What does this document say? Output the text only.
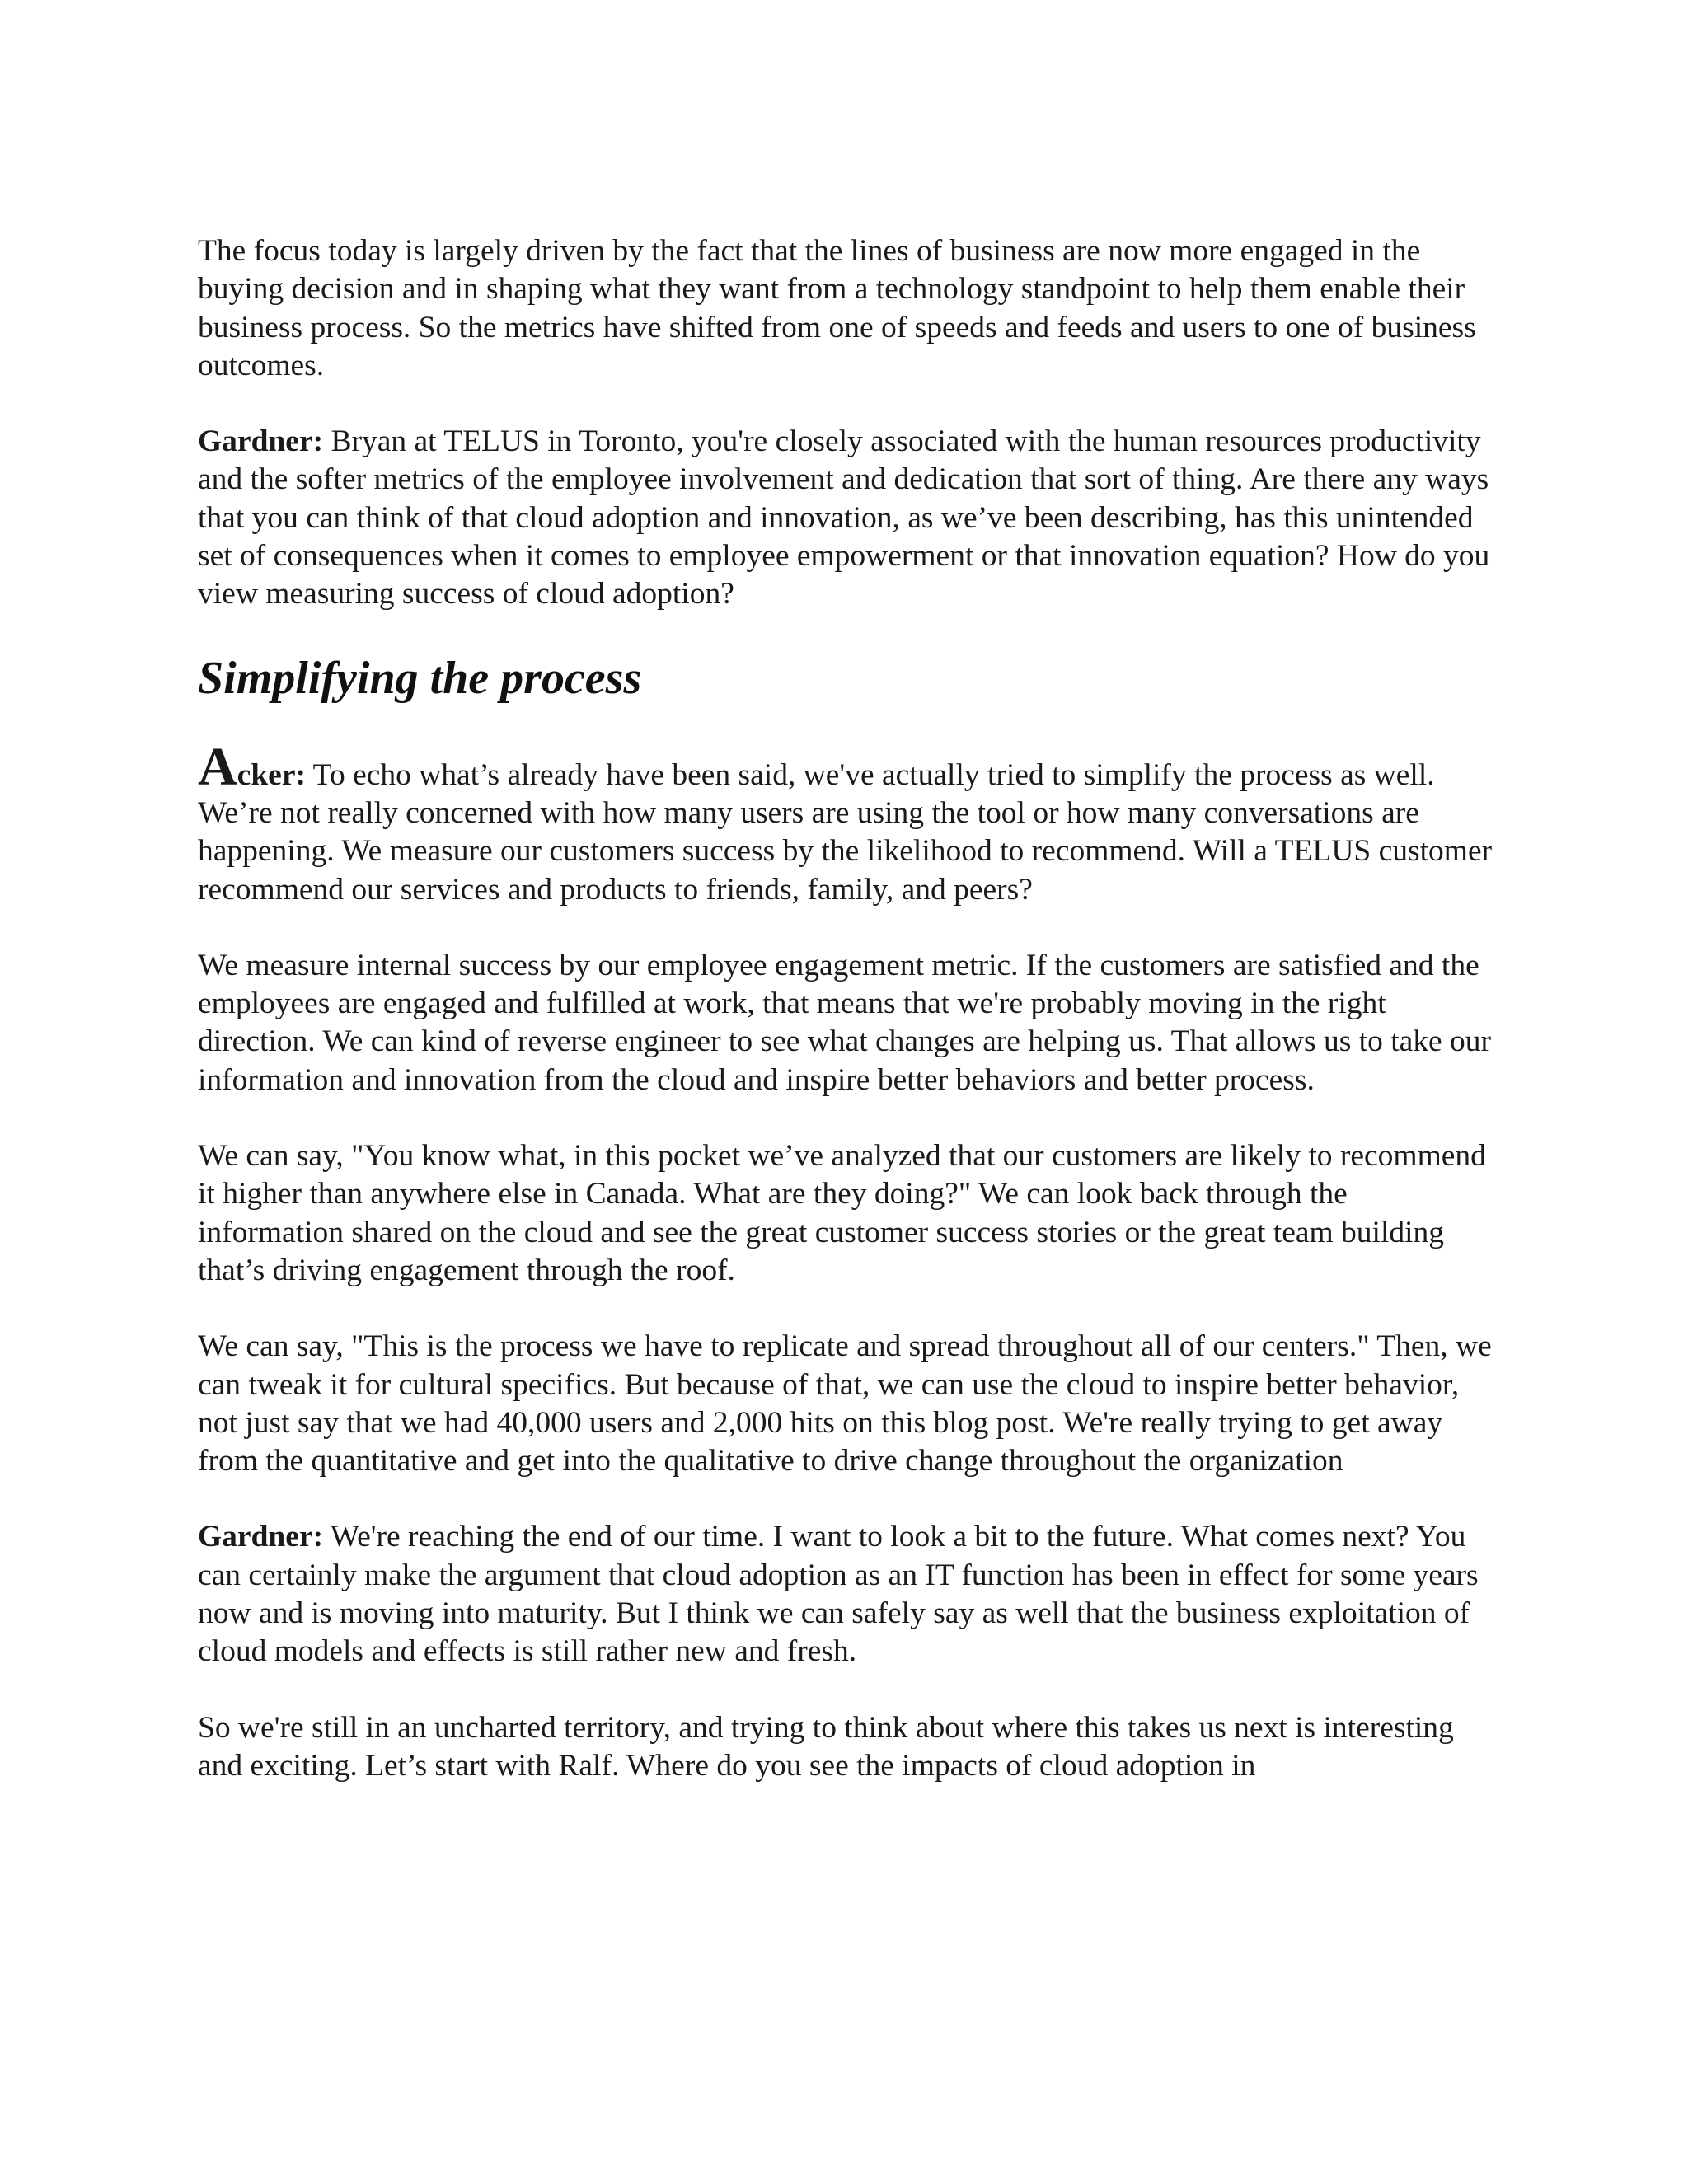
The focus today is largely driven by the fact that the lines of business are now more engaged in the buying decision and in shaping what they want from a technology standpoint to help them enable their business process. So the metrics have shifted from one of speeds and feeds and users to one of business outcomes.

Gardner: Bryan at TELUS in Toronto, you're closely associated with the human resources productivity and the softer metrics of the employee involvement and dedication that sort of thing. Are there any ways that you can think of that cloud adoption and innovation, as we’ve been describing, has this unintended set of consequences when it comes to employee empowerment or that innovation equation? How do you view measuring success of cloud adoption?

Simplifying the process

Acker: To echo what’s already have been said, we've actually tried to simplify the process as well. We’re not really concerned with how many users are using the tool or how many conversations are happening. We measure our customers success by the likelihood to recommend. Will a TELUS customer recommend our services and products to friends, family, and peers?

We measure internal success by our employee engagement metric. If the customers are satisfied and the employees are engaged and fulfilled at work, that means that we're probably moving in the right direction. We can kind of reverse engineer to see what changes are helping us. That allows us to take our information and innovation from the cloud and inspire better behaviors and better process.

We can say, "You know what, in this pocket we’ve analyzed that our customers are likely to recommend it higher than anywhere else in Canada. What are they doing?" We can look back through the information shared on the cloud and see the great customer success stories or the great team building that’s driving engagement through the roof.

We can say, "This is the process we have to replicate and spread throughout all of our centers." Then, we can tweak it for cultural specifics. But because of that, we can use the cloud to inspire better behavior, not just say that we had 40,000 users and 2,000 hits on this blog post. We're really trying to get away from the quantitative and get into the qualitative to drive change throughout the organization

Gardner: We're reaching the end of our time. I want to look a bit to the future. What comes next? You can certainly make the argument that cloud adoption as an IT function has been in effect for some years now and is moving into maturity. But I think we can safely say as well that the business exploitation of cloud models and effects is still rather new and fresh.

So we're still in an uncharted territory, and trying to think about where this takes us next is interesting and exciting. Let’s start with Ralf. Where do you see the impacts of cloud adoption in
